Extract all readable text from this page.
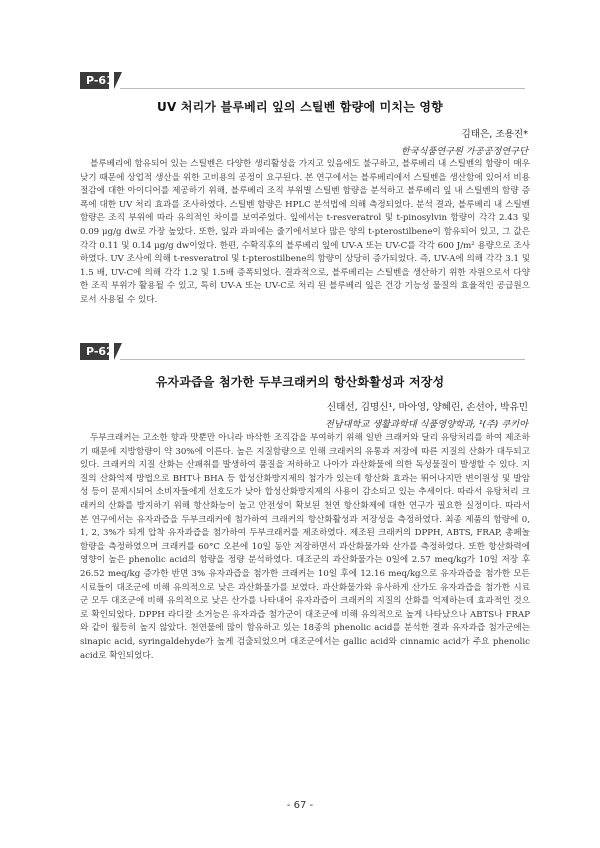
P-61
UV 처리가 블루베리 잎의 스틸벤 함량에 미치는 영향
김태은, 조용진*
한국식품연구원 가공공정연구단

블루베리에 함유되어 있는 스틸벤은 다양한 생리활성을 가지고 있음에도 불구하고, 블루베리 내 스틸벤의 함량이 매우 낮기 때문에 상업적 생산을 위한 고비용의 공정이 요구된다. 본 연구에서는 블루베리에서 스틸벤을 생산함에 있어서 비용 절감에 대한 아이디어를 제공하기 위해, 블루베리 조직 부위별 스틸벤 함량을 분석하고 블루베리 잎 내 스틸벤의 함량 증폭에 대한 UV 처리 효과를 조사하였다. 스틸벤 함량은 HPLC 분석법에 의해 측정되었다. 분석 결과, 블루베리 내 스틸벤 함량은 조직 부위에 따라 유의적인 차이를 보여주었다. 잎에서는 t-resveratrol 및 t-pinosylvin 함량이 각각 2.43 및 0.09 μg/g dw로 가장 높았다. 또한, 잎과 과피에는 줄기에서보다 많은 양의 t-pterostilbene이 함유되어 있고, 그 값은 각각 0.11 및 0.14 μg/g dw이었다. 한편, 수확직후의 블루베리 잎에 UV-A 또는 UV-C를 각각 600 J/m² 용량으로 조사하였다. UV 조사에 의해 t-resveratrol 및 t-pterostilbene의 함량이 상당히 증가되었다. 즉, UV-A에 의해 각각 3.1 및 1.5 배, UV-C에 의해 각각 1.2 및 1.5배 증폭되었다. 결과적으로, 블루베리는 스틸벤을 생산하기 위한 자원으로서 다양한 조직 부위가 활용될 수 있고, 특히 UV-A 또는 UV-C로 처리 된 블루베리 잎은 건강 기능성 물질의 효율적인 공급원으로서 사용될 수 있다.

P-62
유자과즙을 첨가한 두부크래커의 항산화활성과 저장성
신태선, 김명신¹, 마아영, 양혜린, 손선아, 박유민
전남대학교 생활과학대 식품영양학과, ¹(주) 쿠키아

두부크래커는 고소한 향과 맛뿐만 아니라 바삭한 조직감을 부여하기 위해 일반 크래커와 달리 유탕처리를 하여 제조하기 때문에 지방함량이 약 30%에 이른다. 높은 지질함량으로 인해 크래커의 유통과 저장에 따른 지질의 산화가 대두되고 있다. 크래커의 지질 산화는 산패취를 발생하여 품질을 저하하고 나아가 과산화물에 의한 독성물질이 발생할 수 있다. 지질의 산화억제 방법으로 BHT나 BHA 등 합성산화방지제의 첨가가 있는데 항산화 효과는 뛰어나지만 변이원성 및 발암성 등이 문제시되어 소비자들에게 선호도가 낮아 합성산화방지제의 사용이 감소되고 있는 추세이다. 따라서 유탕처리 크래커의 산화를 방지하기 위해 항산화능이 높고 안전성이 확보된 천연 항산화제에 대한 연구가 필요한 실정이다. 따라서 본 연구에서는 유자과즙을 두부크래커에 첨가하여 크래커의 항산화활성과 저장성을 측정하였다. 최종 제품의 함량에 0, 1, 2, 3%가 되게 압착 유자과즙을 첨가하여 두부크래커를 제조하였다. 제조된 크래커의 DPPH, ABTS, FRAP, 총페놀함량을 측정하였으며 크래커를 60°C 오븐에 10일 동안 저장하면서 과산화물가와 산가를 측정하였다. 또한 항산화력에 영향이 높은 phenolic acid의 함량을 정량 분석하였다. 대조군의 과산화물가는 0일에 2.57 meq/kg가 10일 저장 후 26.52 meq/kg 증가한 반면 3% 유자과즙을 첨가한 크래커는 10일 후에 12.16 meq/kg으로 유자과즙을 첨가한 모든 시료들이 대조군에 비해 유의적으로 낮은 과산화물가를 보였다. 과산화물가와 유사하게 산가도 유자과즙을 첨가한 시료군 모두 대조군에 비해 유의적으로 낮은 산가를 나타내어 유자과즙이 크래커의 지질의 산화를 억제하는데 효과적인 것으로 확인되었다. DPPH 라디칼 소거능은 유자과즙 첨가군이 대조군에 비해 유의적으로 높게 나타났으나 ABTS나 FRAP와 같이 월등히 높지 않았다. 천연물에 많이 함유하고 있는 18종의 phenolic acid를 분석한 결과 유자과즙 첨가군에는 sinapic acid, syringaldehyde가 높게 검출되었으며 대조군에서는 gallic acid와 cinnamic acid가 주요 phenolic acid로 확인되었다.

- 67 -
